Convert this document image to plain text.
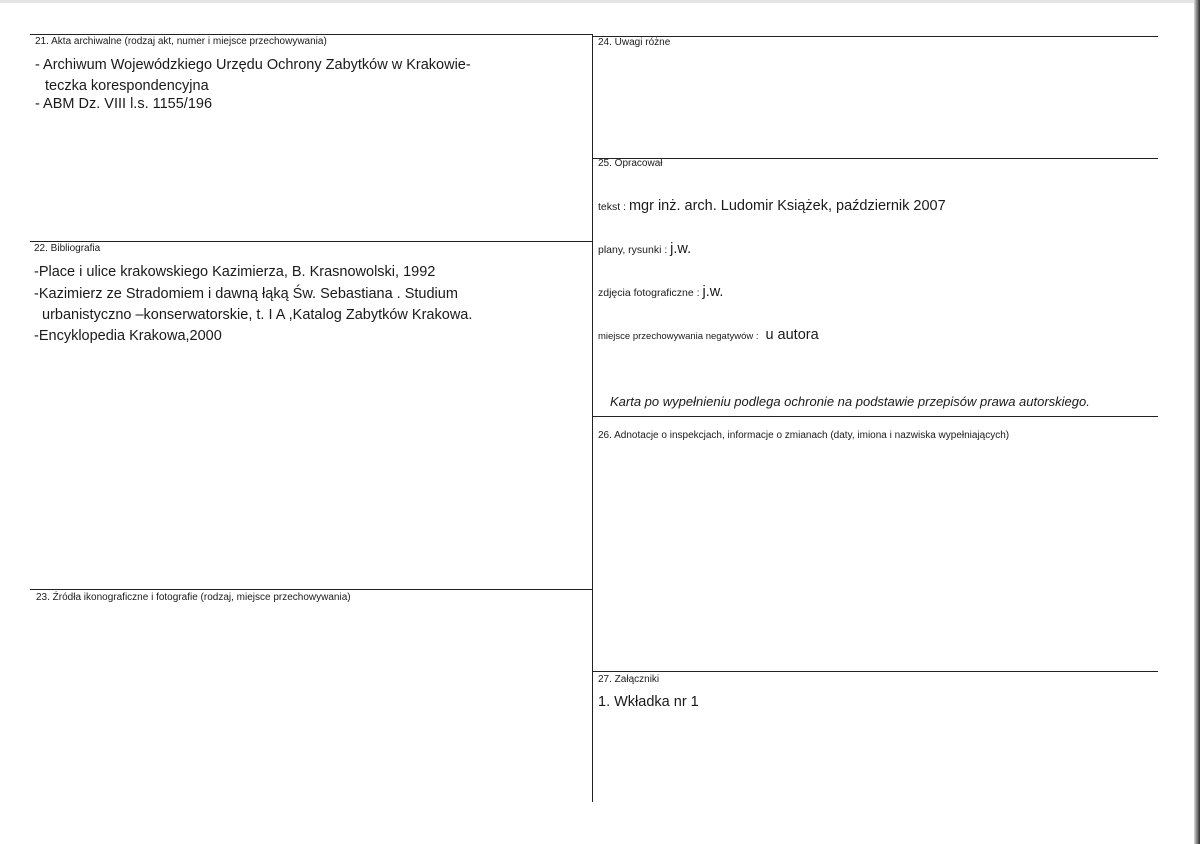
21. Akta archiwalne (rodzaj akt, numer i miejsce przechowywania)
- Archiwum Wojewódzkiego Urzędu Ochrony Zabytków w Krakowie-
teczka korespondencyjna
- ABM Dz. VIII l.s. 1155/196
22. Bibliografia
-Place i ulice krakowskiego Kazimierza, B. Krasnowolski, 1992
-Kazimierz ze Stradomiem i dawną łąką Św. Sebastiana . Studium
urbanistyczno –konserwatorskie, t. I A ,Katalog Zabytków Krakowa.
-Encyklopedia Krakowa,2000
23. Źródła ikonograficzne i fotografie (rodzaj, miejsce przechowywania)
24. Uwagi różne
25. Opracował
tekst : mgr inż. arch. Ludomir Książek, październik 2007
plany, rysunki : j.w.
zdjęcia fotograficzne : j.w.
miejsce przechowywania negatywów : u autora
Karta po wypełnieniu podlega ochronie na podstawie przepisów prawa autorskiego.
26. Adnotacje o inspekcjach, informacje o zmianach (daty, imiona i nazwiska wypełniających)
27. Załączniki
1. Wkładka nr 1
